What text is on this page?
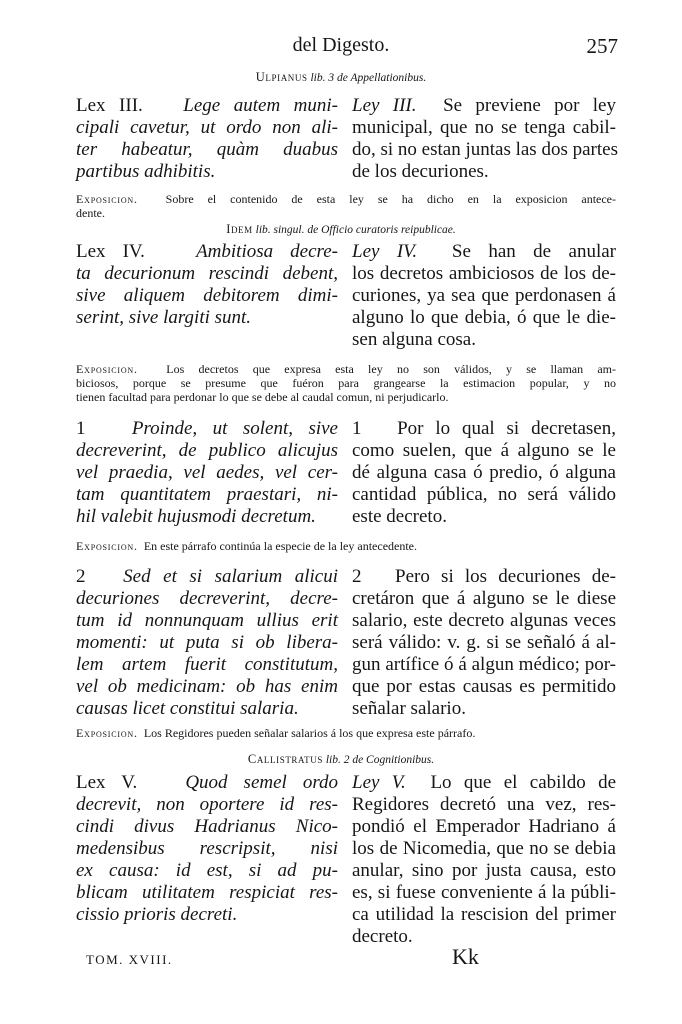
del Digesto.	257
Ulpianus lib. 3 de Appellationibus.
Lex III. Lege autem muni-
cipali cavetur, ut ordo non ali-
ter habeatur, quàm duabus
partibus adhibitis.
Ley III. Se previene por ley
municipal, que no se tenga cabil-
do, si no estan juntas las dos partes
de los decuriones.
Exposicion. Sobre el contenido de esta ley se ha dicho en la exposicion antece-
dente.
Idem lib. singul. de Officio curatoris reipublicae.
Lex IV.	Ambitiosa decre-
ta decurionum rescindi debent,
sive aliquem debitorem dimi-
serint, sive largiti sunt.
Ley IV. Se han de anular
los decretos ambiciosos de los de-
curiones, ya sea que perdonasen á
alguno lo que debia, ó que le die-
sen alguna cosa.
Exposicion. Los decretos que expresa esta ley no son válidos, y se llaman am-
biciosos, porque se presume que fuéron para grangearse la estimacion popular, y no
tienen facultad para perdonar lo que se debe al caudal comun, ni perjudicarlo.
1 Proinde, ut solent, sive
decreverint, de publico alicujus
vel praedia, vel aedes, vel cer-
tam quantitatem praestari, ni-
hil valebit hujusmodi decretum.
1 Por lo qual si decretasen,
como suelen, que á alguno se le
dé alguna casa ó predio, ó alguna
cantidad pública, no será válido
este decreto.
Exposicion. En este párrafo continúa la especie de la ley antecedente.
2 Sed et si salarium alicui
decuriones decreverint, decre-
tum id nonnunquam ullius erit
momenti: ut puta si ob libera-
lem artem fuerit constitutum,
vel ob medicinam: ob has enim
causas licet constitui salaria.
2 Pero si los decuriones de-
cretáron que á alguno se le diese
salario, este decreto algunas veces
será válido: v. g. si se señaló á al-
gun artífice ó á algun médico; por-
que por estas causas es permitido
señalar salario.
Exposicion. Los Regidores pueden señalar salarios á los que expresa este párrafo.
Callistratus lib. 2 de Cognitionibus.
Lex V.	Quod semel ordo
decrevit, non oportere id res-
cindi divus Hadrianus Nico-
medensibus rescripsit, nisi
ex causa: id est, si ad pu-
blicam utilitatem respiciat res-
cissio prioris decreti.
Ley V. Lo que el cabildo de
Regidores decretó una vez, res-
pondió el Emperador Hadriano á
los de Nicomedia, que no se debia
anular, sino por justa causa, esto
es, si fuese conveniente á la públi-
ca utilidad la rescision del primer
decreto.
TOM. XVIII.	Kk
